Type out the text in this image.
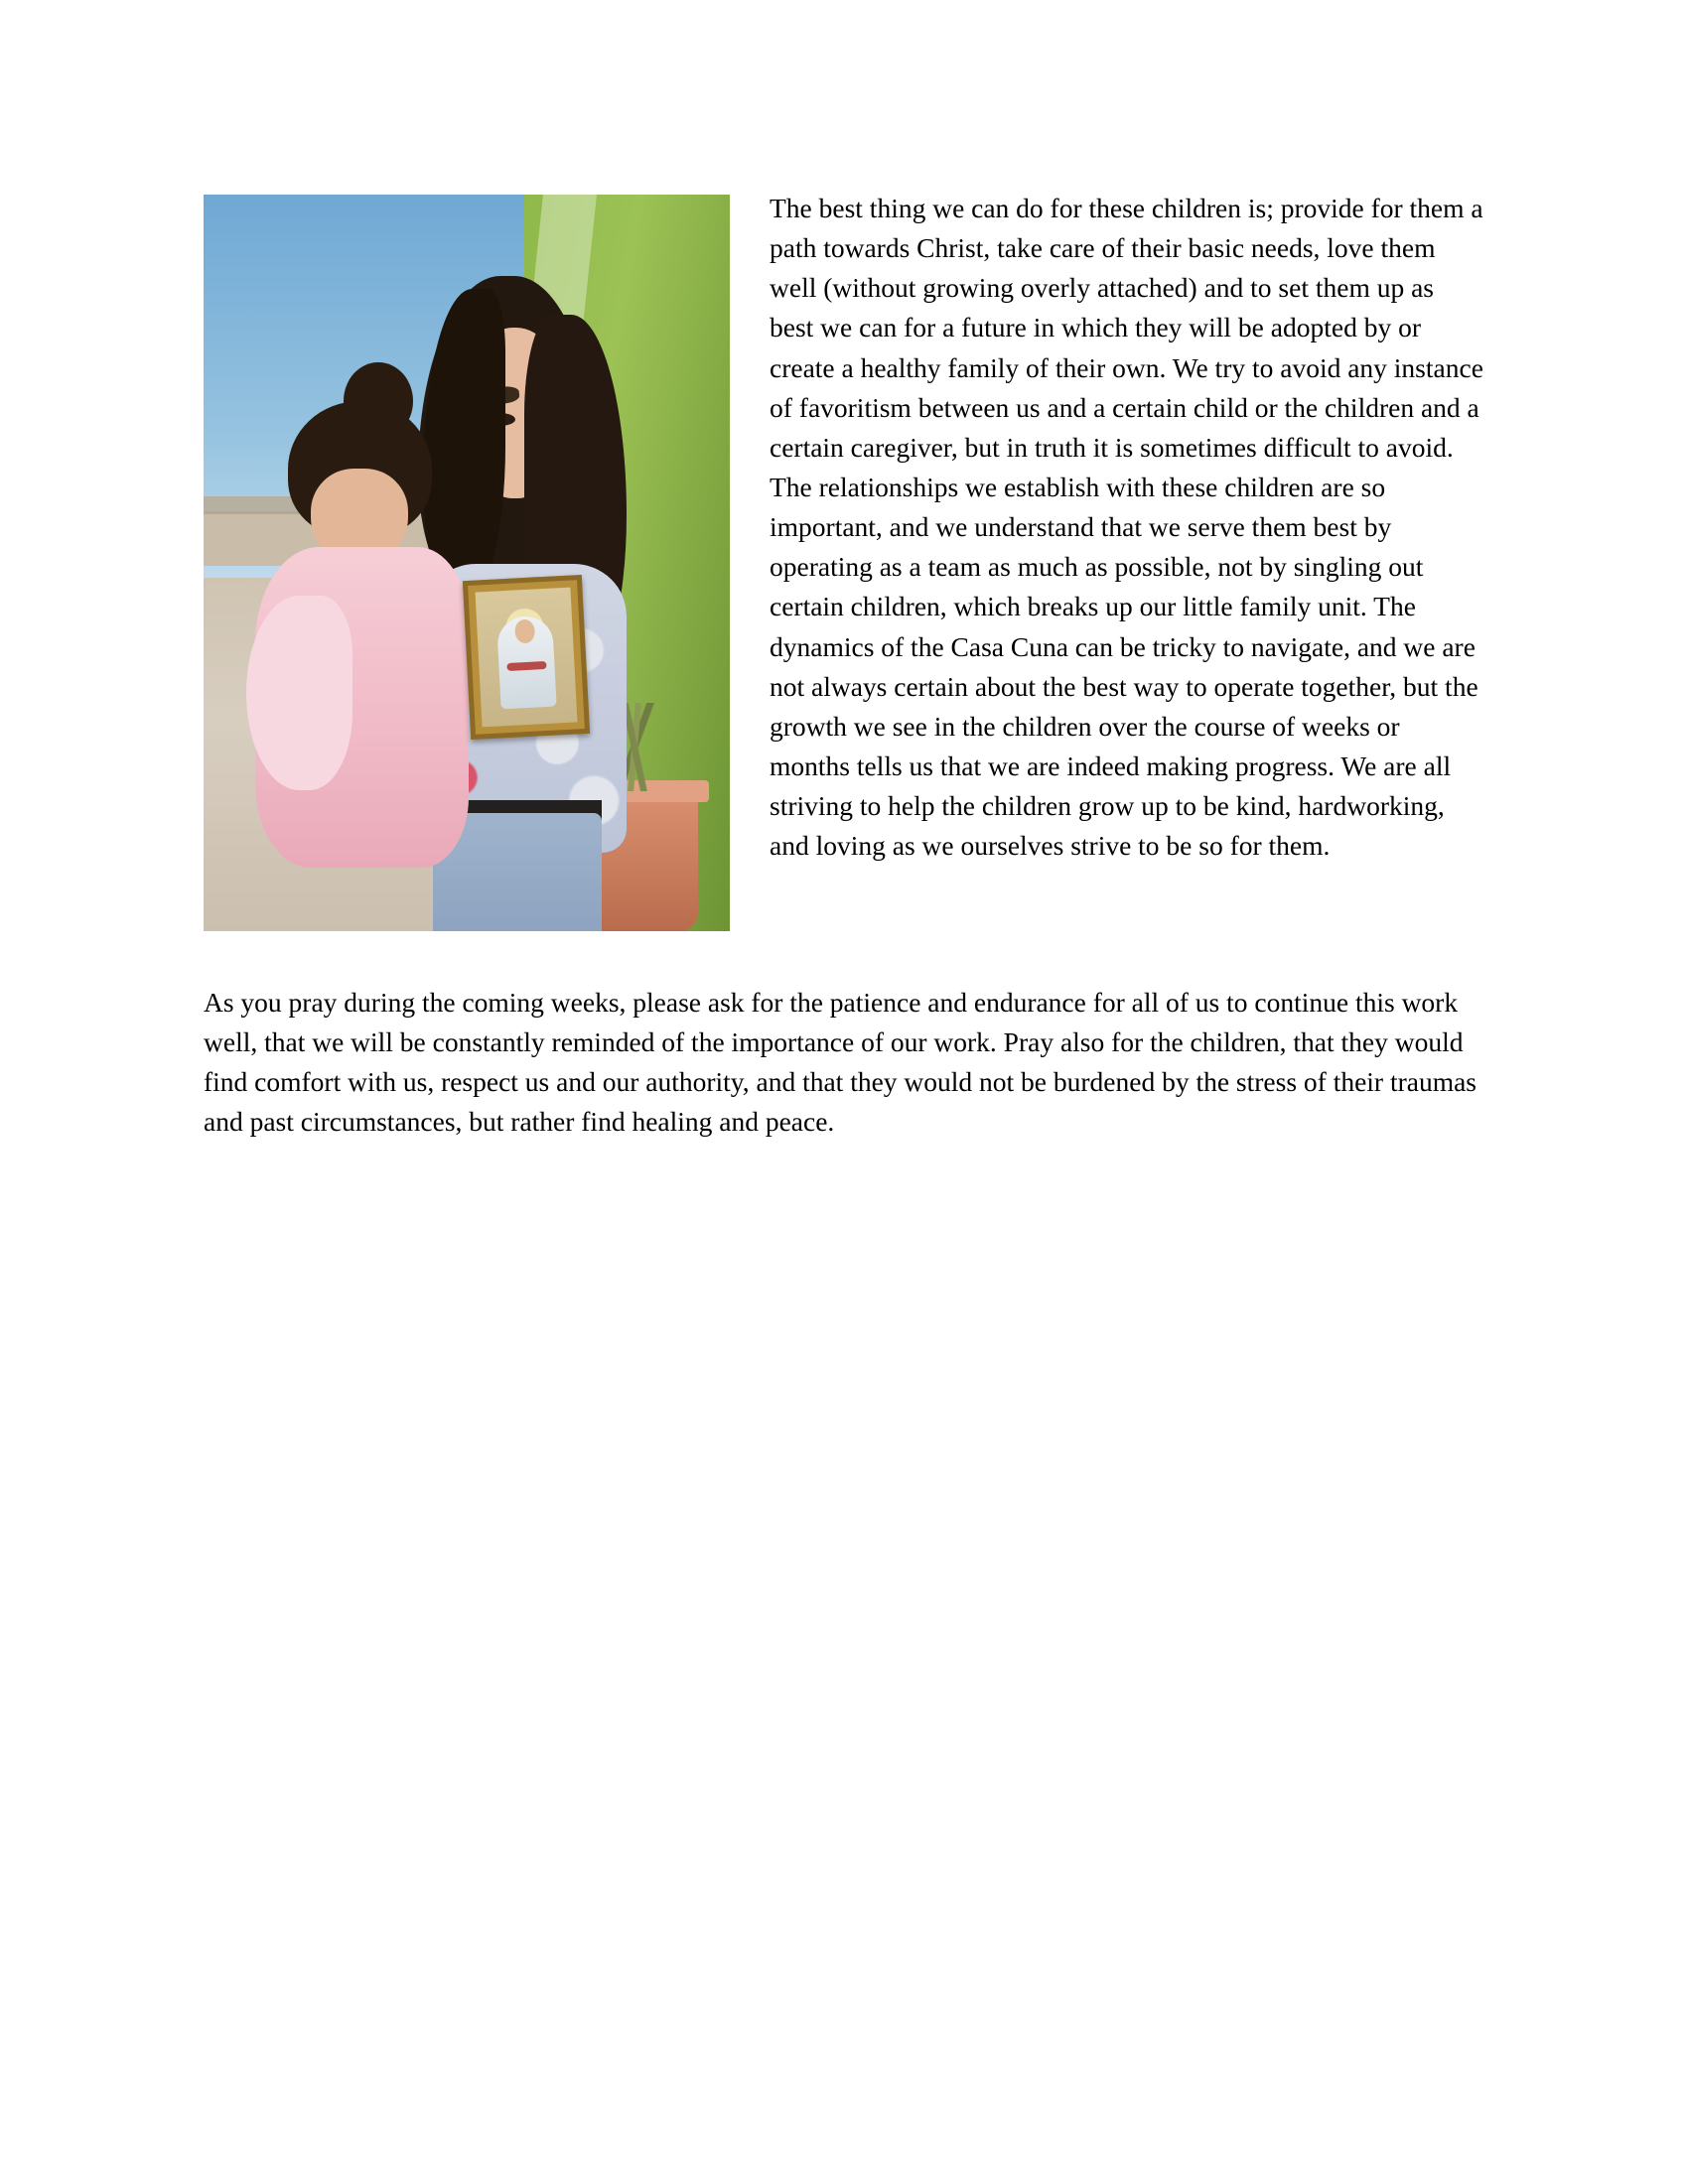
The best thing we can do for these children is; provide for them a path towards Christ, take care of their basic needs, love them well (without growing overly attached) and to set them up as best we can for a future in which they will be adopted by or create a healthy family of their own. We try to avoid any instance of favoritism between us and a certain child or the children and a certain caregiver, but in truth it is sometimes difficult to avoid. The relationships we establish with these children are so important, and we understand that we serve them best by operating as a team as much as possible, not by singling out certain children, which breaks up our little family unit. The dynamics of the Casa Cuna can be tricky to navigate, and we are not always certain about the best way to operate together, but the growth we see in the children over the course of weeks or months tells us that we are indeed making progress. We are all striving to help the children grow up to be kind, hardworking, and loving as we ourselves strive to be so for them.

As you pray during the coming weeks, please ask for the patience and endurance for all of us to continue this work well, that we will be constantly reminded of the importance of our work. Pray also for the children, that they would find comfort with us, respect us and our authority, and that they would not be burdened by the stress of their traumas and past circumstances, but rather find healing and peace.
